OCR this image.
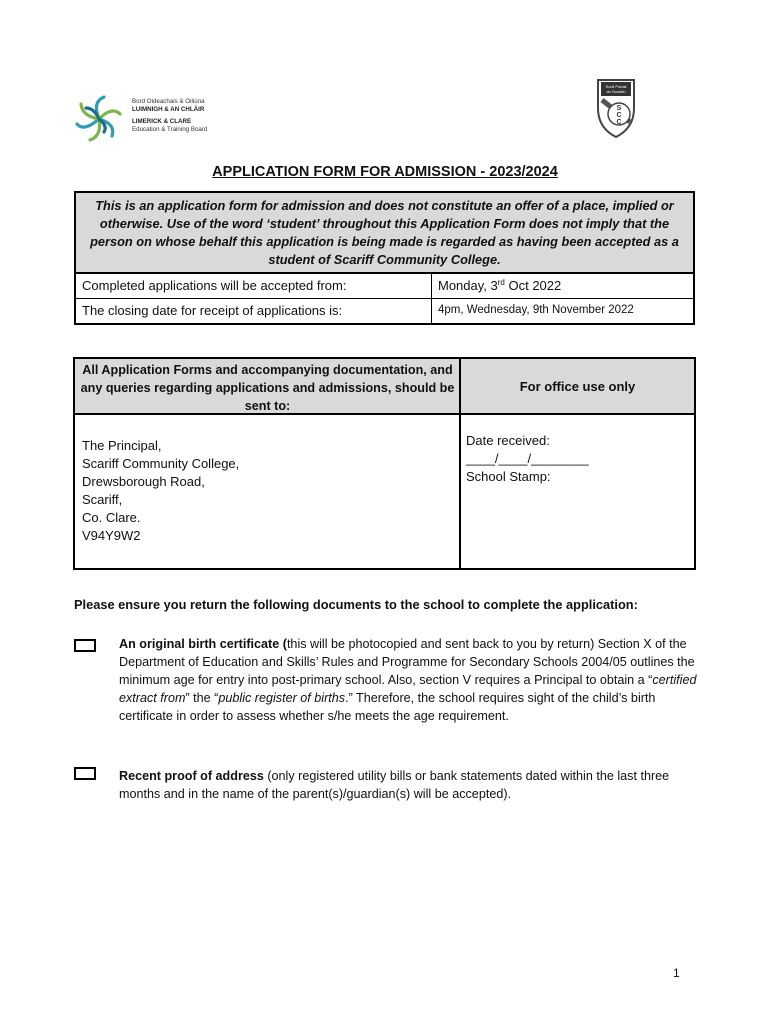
Bord Oideachais & Oiliúna
LUIMNIGH & AN CHLÁIR
LIMERICK & CLARE
Education & Training Board
S
C
C
Scoil Pobail
an Scairbh
APPLICATION FORM FOR ADMISSION - 2023/2024
This is an application form for admission and does not constitute an offer of a place, implied or otherwise. Use of the word ‘student’ throughout this Application Form does not imply that the person on whose behalf this application is being made is regarded as having been accepted as a student of Scariff Community College.
Completed applications will be accepted from:	Monday, 3rd Oct 2022
The closing date for receipt of applications is:	4pm, Wednesday, 9th November 2022
All Application Forms and accompanying documentation, and any queries regarding applications and admissions, should be sent to:
For office use only
The Principal,
Scariff Community College,
Drewsborough Road,
Scariff,
Co. Clare.
V94Y9W2
Date received:
____/____/________
School Stamp:
Please ensure you return the following documents to the school to complete the application:
An original birth certificate (this will be photocopied and sent back to you by return) Section X of the Department of Education and Skills’ Rules and Programme for Secondary Schools 2004/05 outlines the minimum age for entry into post-primary school. Also, section V requires a Principal to obtain a “certified extract from” the “public register of births.” Therefore, the school requires sight of the child’s birth certificate in order to assess whether s/he meets the age requirement.
Recent proof of address (only registered utility bills or bank statements dated within the last three months and in the name of the parent(s)/guardian(s) will be accepted).
1
